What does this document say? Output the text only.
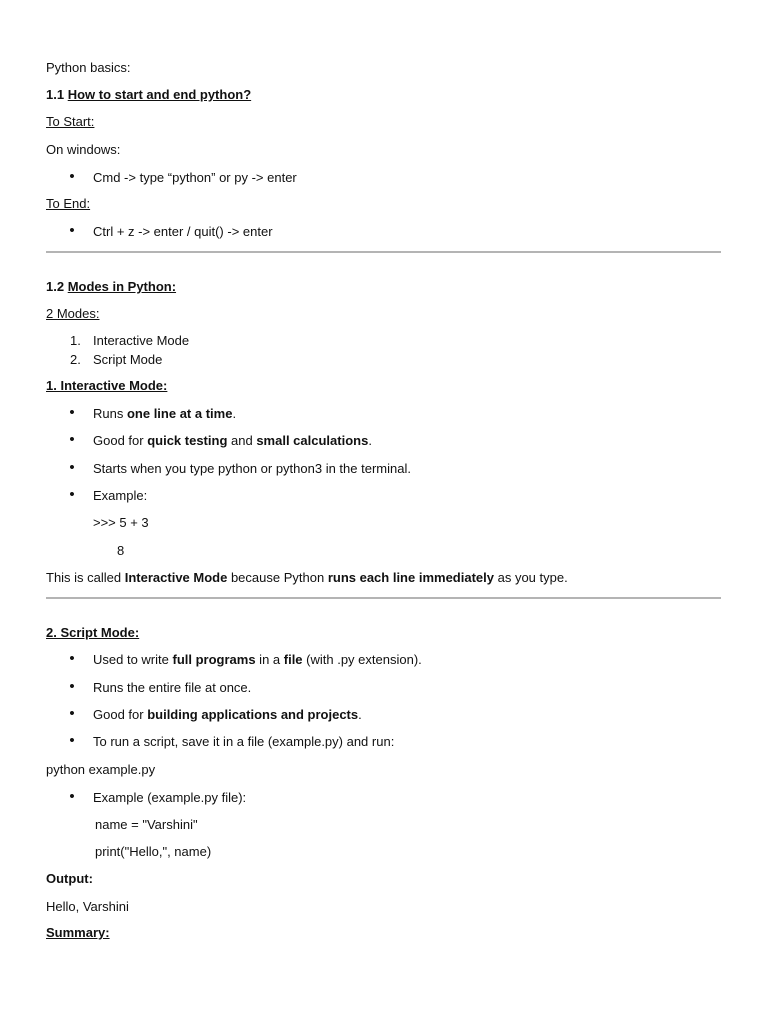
Python basics:
1.1 How to start and end python?
To Start:
On windows:
• Cmd -> type “python” or py -> enter
To End:
• Ctrl + z -> enter / quit() -> enter
1.2 Modes in Python:
2 Modes:
1. Interactive Mode
2. Script Mode
1. Interactive Mode:
• Runs one line at a time.
• Good for quick testing and small calculations.
• Starts when you type python or python3 in the terminal.
• Example:
>>> 5 + 3
8
This is called Interactive Mode because Python runs each line immediately as you type.
2. Script Mode:
• Used to write full programs in a file (with .py extension).
• Runs the entire file at once.
• Good for building applications and projects.
• To run a script, save it in a file (example.py) and run:
python example.py
• Example (example.py file):
name = "Varshini"
print("Hello,", name)
Output:
Hello, Varshini
Summary:
